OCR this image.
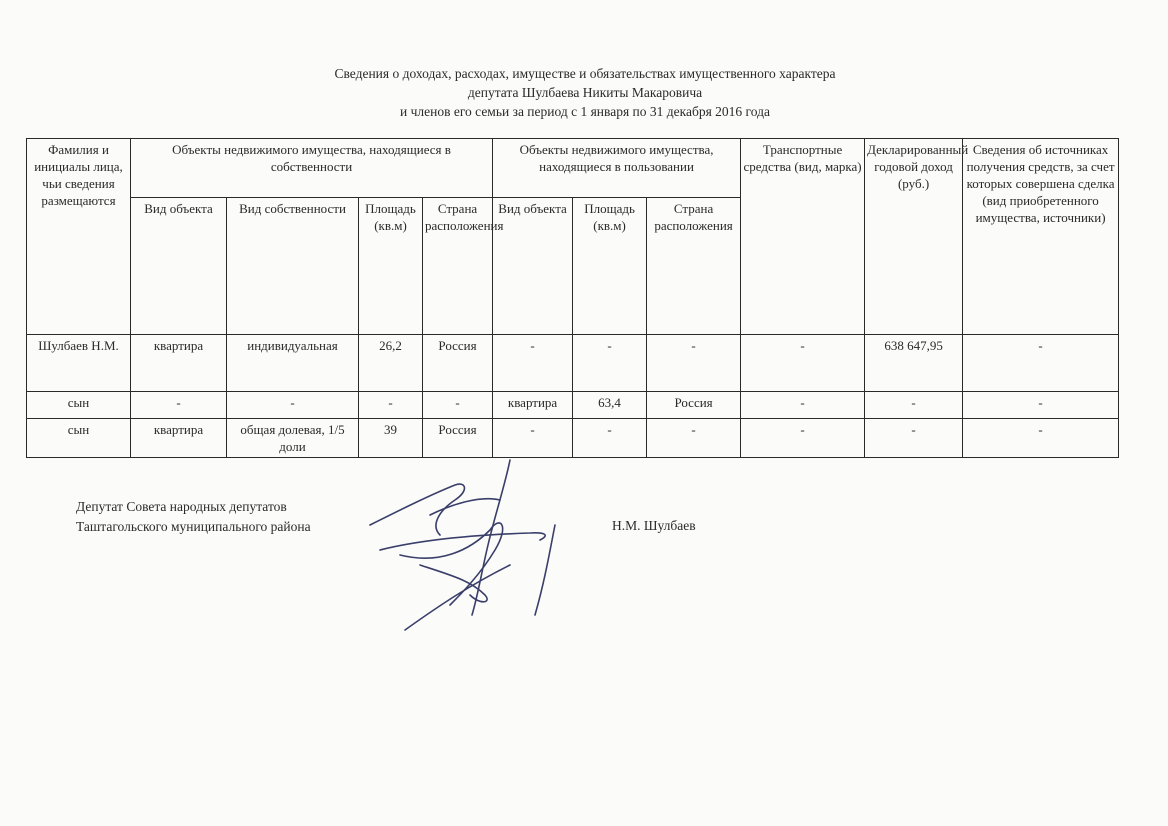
Сведения о доходах, расходах, имуществе и обязательствах имущественного характера
депутата Шулбаева Никиты Макаровича
и членов его семьи за период с 1 января по 31 декабря 2016 года
Фамилия и инициалы лица, чьи сведения размещаются	Объекты недвижимого имущества, находящиеся в собственности				Объекты недвижимого имущества, находящиеся в пользовании			Транспортные средства (вид, марка)	Декларированный годовой доход (руб.)	Сведения об источниках получения средств, за счет которых совершена сделка (вид приобретенного имущества, источники)
	Вид объекта	Вид собственности	Площадь (кв.м)	Страна расположения	Вид объекта	Площадь (кв.м)	Страна расположения			
Шулбаев Н.М.	квартира	индивидуальная	26,2	Россия	-	-	-	-	638 647,95	-
сын	-	-	-	-	квартира	63,4	Россия	-	-	-
сын	квартира	общая долевая, 1/5 доли	39	Россия	-	-	-	-	-	-
Депутат Совета народных депутатов
Таштагольского муниципального района	Н.М. Шулбаев
